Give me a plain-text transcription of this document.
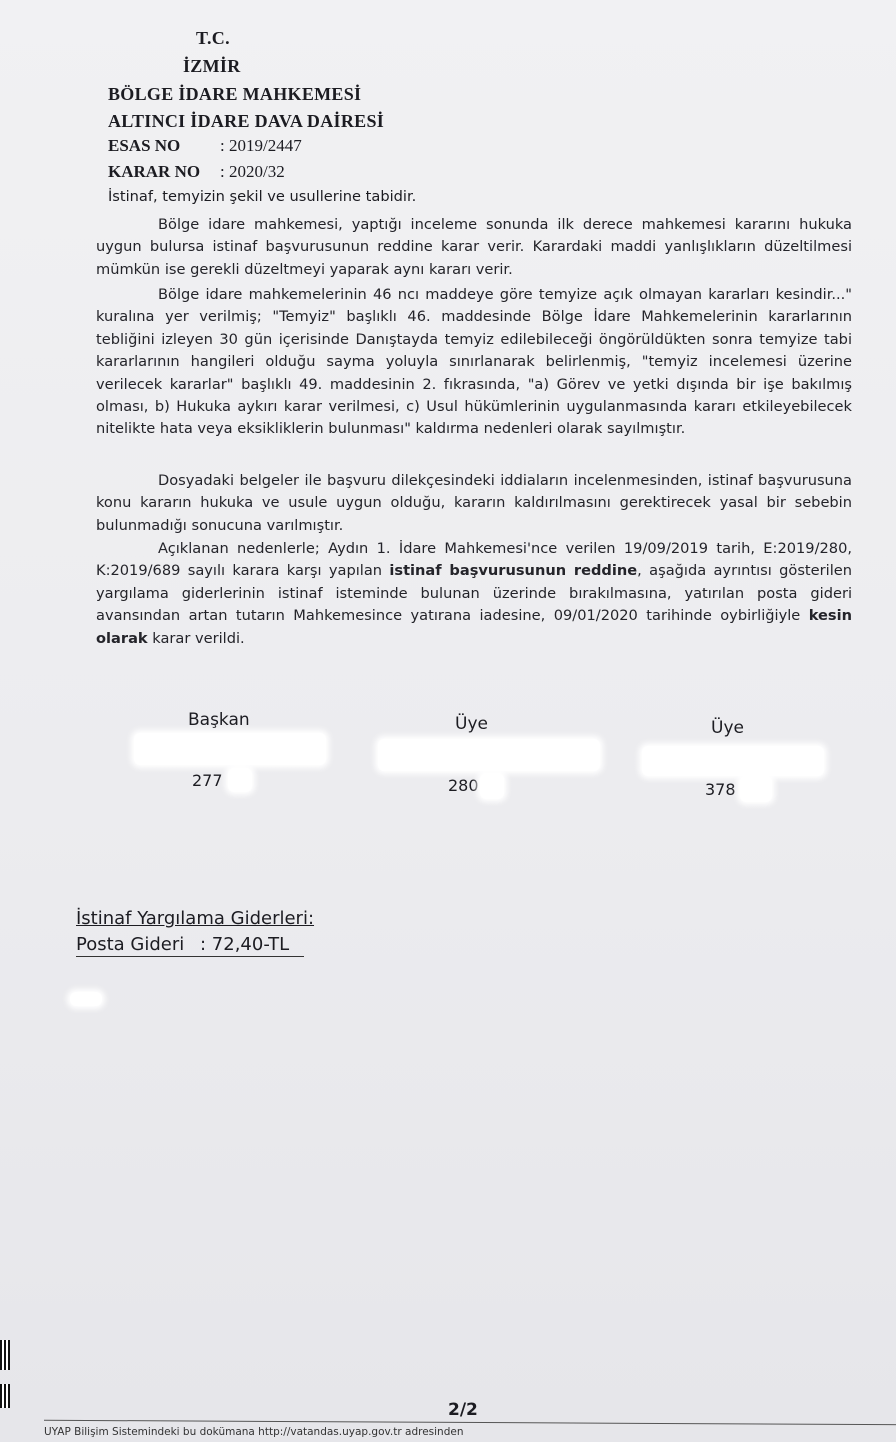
T.C.
İZMİR
BÖLGE İDARE MAHKEMESİ
ALTINCI İDARE DAVA DAİRESİ
ESAS NO : 2019/2447
KARAR NO : 2020/32
İstinaf, temyizin şekil ve usullerine tabidir.

Bölge idare mahkemesi, yaptığı inceleme sonunda ilk derece mahkemesi kararını hukuka uygun bulursa istinaf başvurusunun reddine karar verir. Karardaki maddi yanlışlıkların düzeltilmesi mümkün ise gerekli düzeltmeyi yaparak aynı kararı verir.

Bölge idare mahkemelerinin 46 ncı maddeye göre temyize açık olmayan kararları kesindir..." kuralına yer verilmiş; "Temyiz" başlıklı 46. maddesinde Bölge İdare Mahkemelerinin kararlarının tebliğini izleyen 30 gün içerisinde Danıştayda temyiz edilebileceği öngörüldükten sonra temyize tabi kararlarının hangileri olduğu sayma yoluyla sınırlanarak belirlenmiş, "temyiz incelemesi üzerine verilecek kararlar" başlıklı 49. maddesinin 2. fıkrasında, "a) Görev ve yetki dışında bir işe bakılmış olması, b) Hukuka aykırı karar verilmesi, c) Usul hükümlerinin uygulanmasında kararı etkileyebilecek nitelikte hata veya eksikliklerin bulunması" kaldırma nedenleri olarak sayılmıştır.

Dosyadaki belgeler ile başvuru dilekçesindeki iddiaların incelenmesinden, istinaf başvurusuna konu kararın hukuka ve usule uygun olduğu, kararın kaldırılmasını gerektirecek yasal bir sebebin bulunmadığı sonucuna varılmıştır.

Açıklanan nedenlerle; Aydın 1. İdare Mahkemesi'nce verilen 19/09/2019 tarih, E:2019/280, K:2019/689 sayılı karara karşı yapılan istinaf başvurusunun reddine, aşağıda ayrıntısı gösterilen yargılama giderlerinin istinaf isteminde bulunan üzerinde bırakılmasına, yatırılan posta gideri avansından artan tutarın Mahkemesince yatırana iadesine, 09/01/2020 tarihinde oybirliğiyle kesin olarak karar verildi.

Başkan	Üye	Üye
277	280	378
İstinaf Yargılama Giderleri:
Posta Gideri : 72,40-TL
2/2
UYAP Bilişim Sistemindeki bu dokümana http://vatandas.uyap.gov.tr adresinden
